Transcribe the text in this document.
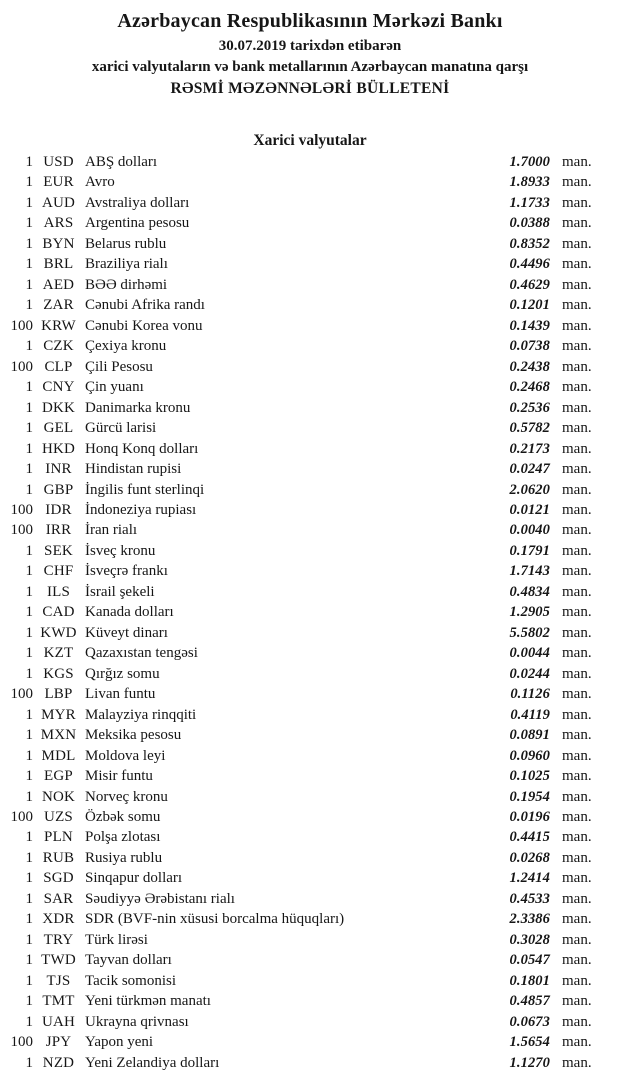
Azərbaycan Respublikasının Mərkəzi Bankı
30.07.2019 tarixdən etibarən
xarici valyutaların və bank metallarının Azərbaycan manatına qarşı
RƏSMİ MƏZƏNNƏLƏRİ BÜLLETENİ
Xarici valyutalar
1 USD ABŞ dolları	1.7000 man.
1 EUR Avro	1.8933 man.
1 AUD Avstraliya dolları	1.1733 man.
1 ARS Argentina pesosu	0.0388 man.
1 BYN Belarus rublu	0.8352 man.
1 BRL Braziliya rialı	0.4496 man.
1 AED BƏƏ dirhəmi	0.4629 man.
1 ZAR Cənubi Afrika randı	0.1201 man.
100 KRW Cənubi Korea vonu	0.1439 man.
1 CZK Çexiya kronu	0.0738 man.
100 CLP Çili Pesosu	0.2438 man.
1 CNY Çin yuanı	0.2468 man.
1 DKK Danimarka kronu	0.2536 man.
1 GEL Gürcü larisi	0.5782 man.
1 HKD Honq Konq dolları	0.2173 man.
1 INR Hindistan rupisi	0.0247 man.
1 GBP İngilis funt sterlinqi	2.0620 man.
100 IDR İndoneziya rupiası	0.0121 man.
100 IRR İran rialı	0.0040 man.
1 SEK İsveç kronu	0.1791 man.
1 CHF İsveçrə frankı	1.7143 man.
1 ILS İsrail şekeli	0.4834 man.
1 CAD Kanada dolları	1.2905 man.
1 KWD Küveyt dinarı	5.5802 man.
1 KZT Qazaxıstan tengəsi	0.0044 man.
1 KGS Qırğız somu	0.0244 man.
100 LBP Livan funtu	0.1126 man.
1 MYR Malayziya rinqqiti	0.4119 man.
1 MXN Meksika pesosu	0.0891 man.
1 MDL Moldova leyi	0.0960 man.
1 EGP Misir funtu	0.1025 man.
1 NOK Norveç kronu	0.1954 man.
100 UZS Özbək somu	0.0196 man.
1 PLN Polşa zlotası	0.4415 man.
1 RUB Rusiya rublu	0.0268 man.
1 SGD Sinqapur dolları	1.2414 man.
1 SAR Səudiyyə Ərəbistanı rialı	0.4533 man.
1 XDR SDR (BVF-nin xüsusi borcalma hüquqları)	2.3386 man.
1 TRY Türk lirəsi	0.3028 man.
1 TWD Tayvan dolları	0.0547 man.
1 TJS Tacik somonisi	0.1801 man.
1 TMT Yeni türkmən manatı	0.4857 man.
1 UAH Ukrayna qrivnası	0.0673 man.
100 JPY Yapon yeni	1.5654 man.
1 NZD Yeni Zelandiya dolları	1.1270 man.
